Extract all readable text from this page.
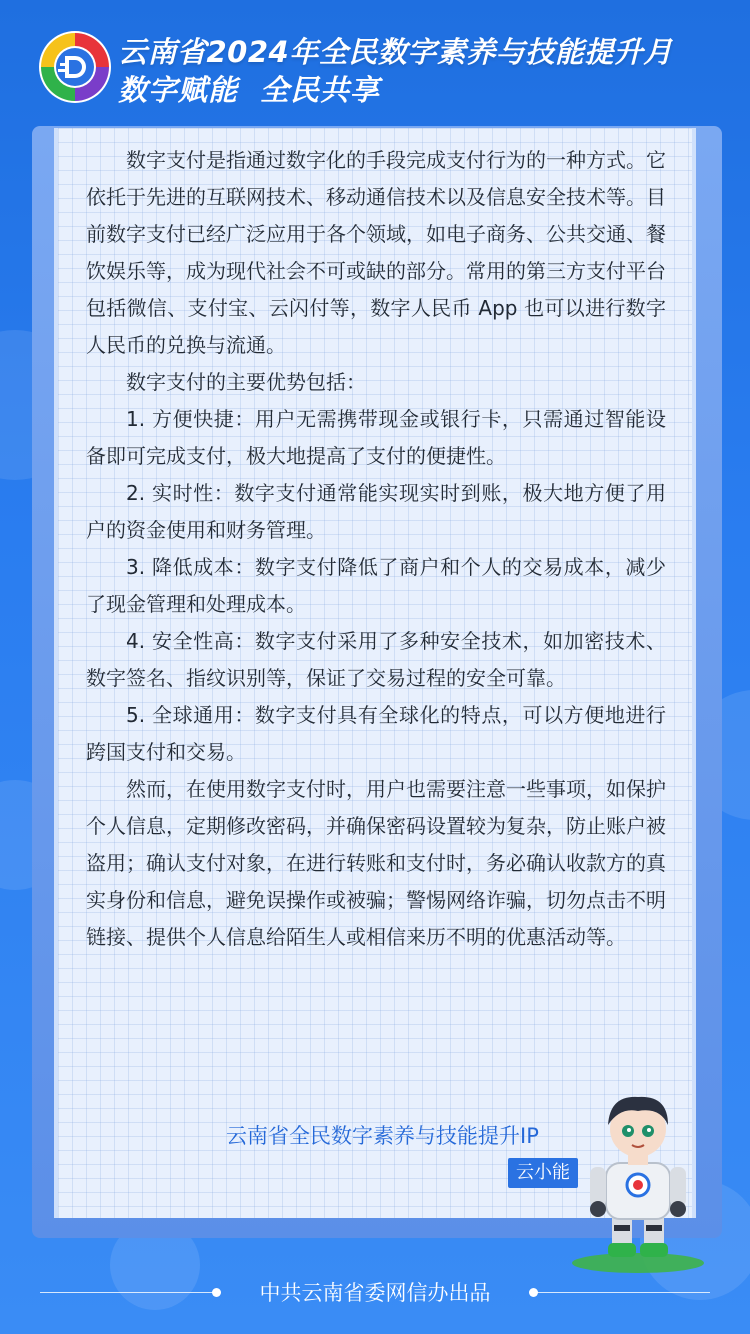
云南省2024年全民数字素养与技能提升月
数字赋能 全民共享

数字支付是指通过数字化的手段完成支付行为的一种方式。它依托于先进的互联网技术、移动通信技术以及信息安全技术等。目前数字支付已经广泛应用于各个领域，如电子商务、公共交通、餐饮娱乐等，成为现代社会不可或缺的部分。常用的第三方支付平台包括微信、支付宝、云闪付等，数字人民币 App 也可以进行数字人民币的兑换与流通。

数字支付的主要优势包括：

1. 方便快捷：用户无需携带现金或银行卡，只需通过智能设备即可完成支付，极大地提高了支付的便捷性。

2. 实时性：数字支付通常能实现实时到账，极大地方便了用户的资金使用和财务管理。

3. 降低成本：数字支付降低了商户和个人的交易成本，减少了现金管理和处理成本。

4. 安全性高：数字支付采用了多种安全技术，如加密技术、数字签名、指纹识别等，保证了交易过程的安全可靠。

5. 全球通用：数字支付具有全球化的特点，可以方便地进行跨国支付和交易。

然而，在使用数字支付时，用户也需要注意一些事项，如保护个人信息，定期修改密码，并确保密码设置较为复杂，防止账户被盗用；确认支付对象，在进行转账和支付时，务必确认收款方的真实身份和信息，避免误操作或被骗；警惕网络诈骗，切勿点击不明链接、提供个人信息给陌生人或相信来历不明的优惠活动等。

云南省全民数字素养与技能提升IP
云小能
中共云南省委网信办出品
